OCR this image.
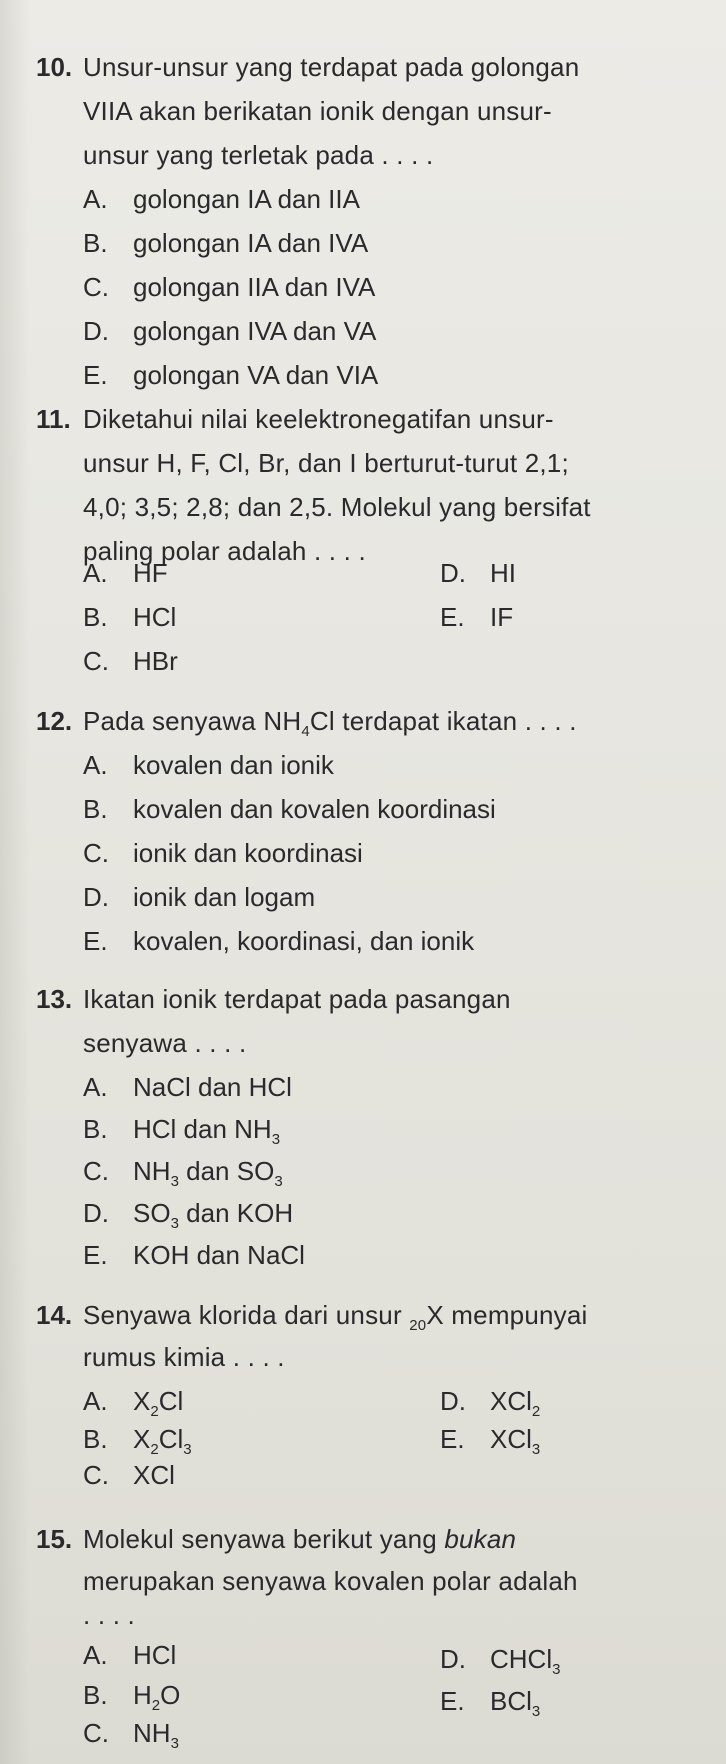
10. Unsur-unsur yang terdapat pada golongan
VIIA akan berikatan ionik dengan unsur-
unsur yang terletak pada . . . .
A. golongan IA dan IIA
B. golongan IA dan IVA
C. golongan IIA dan IVA
D. golongan IVA dan VA
E. golongan VA dan VIA
11. Diketahui nilai keelektronegatifan unsur-
unsur H, F, Cl, Br, dan I berturut-turut 2,1;
4,0; 3,5; 2,8; dan 2,5. Molekul yang bersifat
paling polar adalah . . . .
A. HF
B. HCl
C. HBr
D. HI
E. IF
12. Pada senyawa $NH_4Cl$ terdapat ikatan . . . .
A. kovalen dan ionik
B. kovalen dan kovalen koordinasi
C. ionik dan koordinasi
D. ionik dan logam
E. kovalen, koordinasi, dan ionik
13. Ikatan ionik terdapat pada pasangan
senyawa . . . .
A. NaCl dan HCl
B. HCl dan $NH_3$
C. $NH_3$ dan $SO_3$
D. $SO_3$ dan KOH
E. KOH dan NaCl
14. Senyawa klorida dari unsur $_{20}$X mempunyai
rumus kimia . . . .
A. $X_2Cl$
B. $X_2Cl_3$
C. XCl
D. XCl$_2$
E. XCl$_3$
15. Molekul senyawa berikut yang bukan
merupakan senyawa kovalen polar adalah
. . . .
A. HCl
B. $H_2O$
C. $NH_3$
D. CHCl$_3$
E. BCl$_3$
